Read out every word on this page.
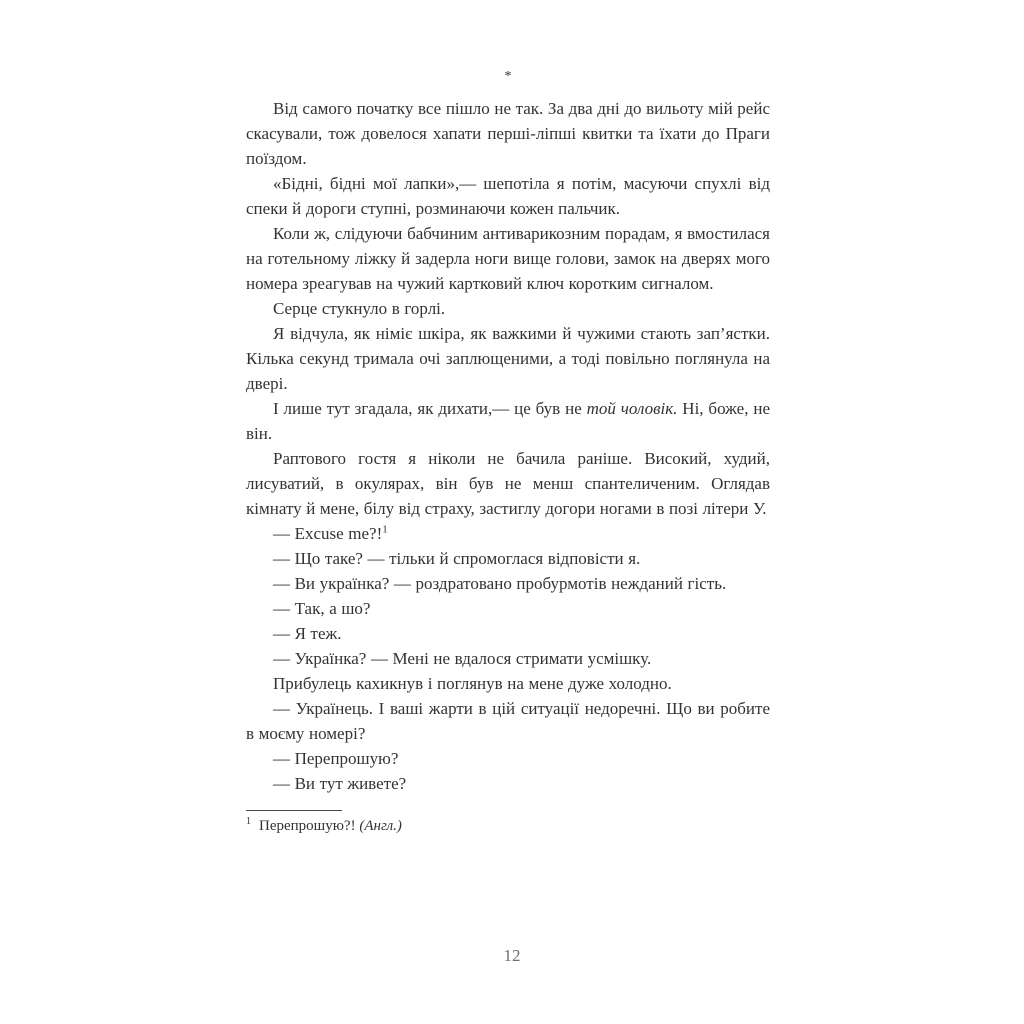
*

Від самого початку все пішло не так. За два дні до вильоту мій рейс скасували, тож довелося хапати перші-ліпші квитки та їхати до Праги поїздом.

«Бідні, бідні мої лапки»,— шепотіла я потім, масуючи спухлі від спеки й дороги ступні, розминаючи кожен пальчик.

Коли ж, слідуючи бабчиним антиварикозним порадам, я вмостилася на готельному ліжку й задерла ноги вище голови, замок на дверях мого номера зреагував на чужий картковий ключ коротким сигналом.

Серце стукнуло в горлі.

Я відчула, як німіє шкіра, як важкими й чужими стають зап’ястки. Кілька секунд тримала очі заплющеними, а тоді повільно поглянула на двері.

І лише тут згадала, як дихати,— це був не той чоловік. Ні, боже, не він.

Раптового гостя я ніколи не бачила раніше. Високий, худий, лисуватий, в окулярах, він був не менш спантеличеним. Оглядав кімнату й мене, білу від страху, застиглу догори ногами в позі літери У.

— Excuse me?!$^1$

— Що таке? — тільки й спромоглася відповісти я.

— Ви українка? — роздратовано пробурмотів нежданий гість.

— Так, а шо?

— Я теж.

— Українка? — Мені не вдалося стримати усмішку.

Прибулець кахикнув і поглянув на мене дуже холодно.

— Українець. І ваші жарти в цій ситуації недоречні. Що ви робите в моєму номері?

— Перепрошую?

— Ви тут живете?

$^1$ Перепрошую?! (Англ.)

12
